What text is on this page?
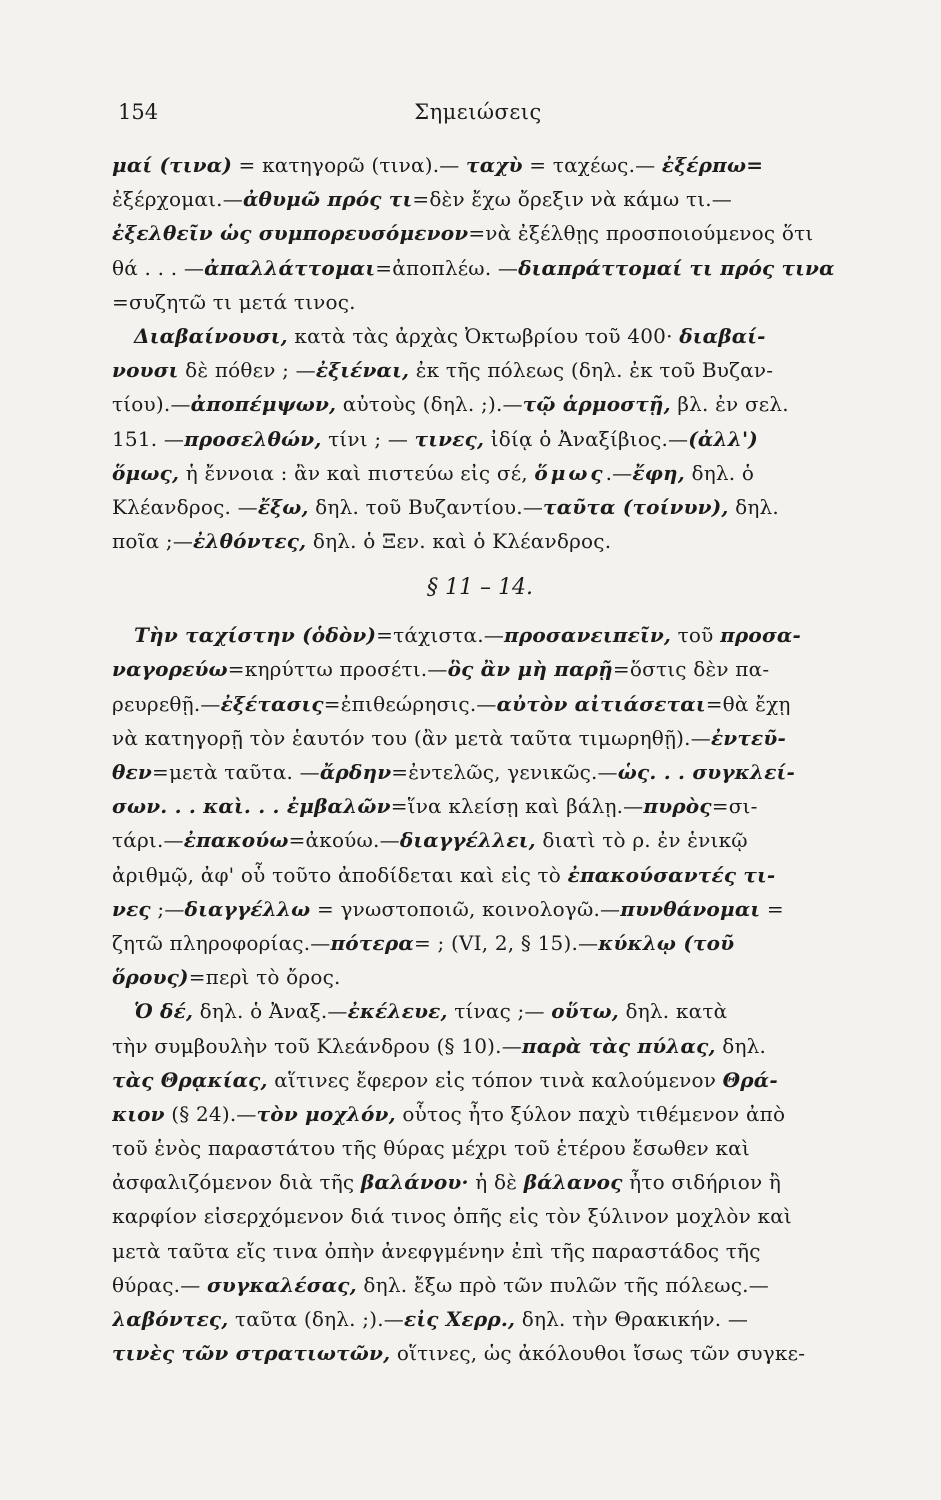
154	Σημειώσεις
μαί (τινα) = κατηγορῶ (τινα).— ταχὺ = ταχέως.— ἐξέρπω=
ἐξέρχομαι.—ἀθυμῶ πρός τι=δὲν ἔχω ὄρεξιν νὰ κάμω τι.—
ἐξελθεῖν ὡς συμπορευσόμενον=νὰ ἐξέλθῃς προσποιούμενος ὅτι
θά . . . —ἀπαλλάττομαι=ἀποπλέω. —διαπράττομαί τι πρός τινα
=συζητῶ τι μετά τινος.
Διαβαίνουσι, κατὰ τὰς ἀρχὰς Ὀκτωβρίου τοῦ 400· διαβαί-
νουσι δὲ πόθεν ; —ἐξιέναι, ἐκ τῆς πόλεως (δηλ. ἐκ τοῦ Βυζαν-
τίου).—ἀποπέμψων, αὐτοὺς (δηλ. ;).—τῷ ἁρμοστῇ, βλ. ἐν σελ.
151. —προσελθών, τίνι ; — τινες, ἰδίᾳ ὁ Ἀναξίβιος.—(ἀλλ')
ὅμως, ἡ ἔννοια : ἂν καὶ πιστεύω εἰς σέ, ὅμως.—ἔφη, δηλ. ὁ
Κλέανδρος. —ἔξω, δηλ. τοῦ Βυζαντίου.—ταῦτα (τοίνυν), δηλ.
ποῖα ;—ἐλθόντες, δηλ. ὁ Ξεν. καὶ ὁ Κλέανδρος.
§ 11 – 14.
Τὴν ταχίστην (ὁδὸν)=τάχιστα.—προσανειπεῖν, τοῦ προσα-
ναγορεύω=κηρύττω προσέτι.—ὃς ἂν μὴ παρῇ=ὅστις δὲν πα-
ρευρεθῇ.—ἐξέτασις=ἐπιθεώρησις.—αὐτὸν αἰτιάσεται=θὰ ἔχῃ
νὰ κατηγορῇ τὸν ἑαυτόν του (ἂν μετὰ ταῦτα τιμωρηθῇ).—ἐντεῦ-
θεν=μετὰ ταῦτα. —ἄρδην=ἐντελῶς, γενικῶς.—ὡς. . . συγκλεί-
σων. . . καὶ. . . ἐμβαλῶν=ἵνα κλείσῃ καὶ βάλῃ.—πυρὸς=σι-
τάρι.—ἐπακούω=ἀκούω.—διαγγέλλει, διατὶ τὸ ρ. ἐν ἑνικῷ
ἀριθμῷ, ἀφ' οὗ τοῦτο ἀποδίδεται καὶ εἰς τὸ ἐπακούσαντές τι-
νες ;—διαγγέλλω = γνωστοποιῶ, κοινολογῶ.—πυνθάνομαι =
ζητῶ πληροφορίας.—πότερα= ; (VI, 2, § 15).—κύκλῳ (τοῦ
ὅρους)=περὶ τὸ ὄρος.
Ὁ δέ, δηλ. ὁ Ἀναξ.—ἐκέλευε, τίνας ;— οὕτω, δηλ. κατὰ
τὴν συμβουλὴν τοῦ Κλεάνδρου (§ 10).—παρὰ τὰς πύλας, δηλ.
τὰς Θρᾳκίας, αἵτινες ἔφερον εἰς τόπον τινὰ καλούμενον Θρά-
κιον (§ 24).—τὸν μοχλόν, οὗτος ἦτο ξύλον παχὺ τιθέμενον ἀπὸ
τοῦ ἑνὸς παραστάτου τῆς θύρας μέχρι τοῦ ἑτέρου ἔσωθεν καὶ
ἀσφαλιζόμενον διὰ τῆς βαλάνου· ἡ δὲ βάλανος ἦτο σιδήριον ἢ
καρφίον εἰσερχόμενον διά τινος ὀπῆς εἰς τὸν ξύλινον μοχλὸν καὶ
μετὰ ταῦτα εἴς τινα ὀπὴν ἀνεφγμένην ἐπὶ τῆς παραστάδος τῆς
θύρας.— συγκαλέσας, δηλ. ἔξω πρὸ τῶν πυλῶν τῆς πόλεως.—
λαβόντες, ταῦτα (δηλ. ;).—εἰς Χερρ., δηλ. τὴν Θρακικήν. —
τινὲς τῶν στρατιωτῶν, οἵτινες, ὡς ἀκόλουθοι ἴσως τῶν συγκε-
